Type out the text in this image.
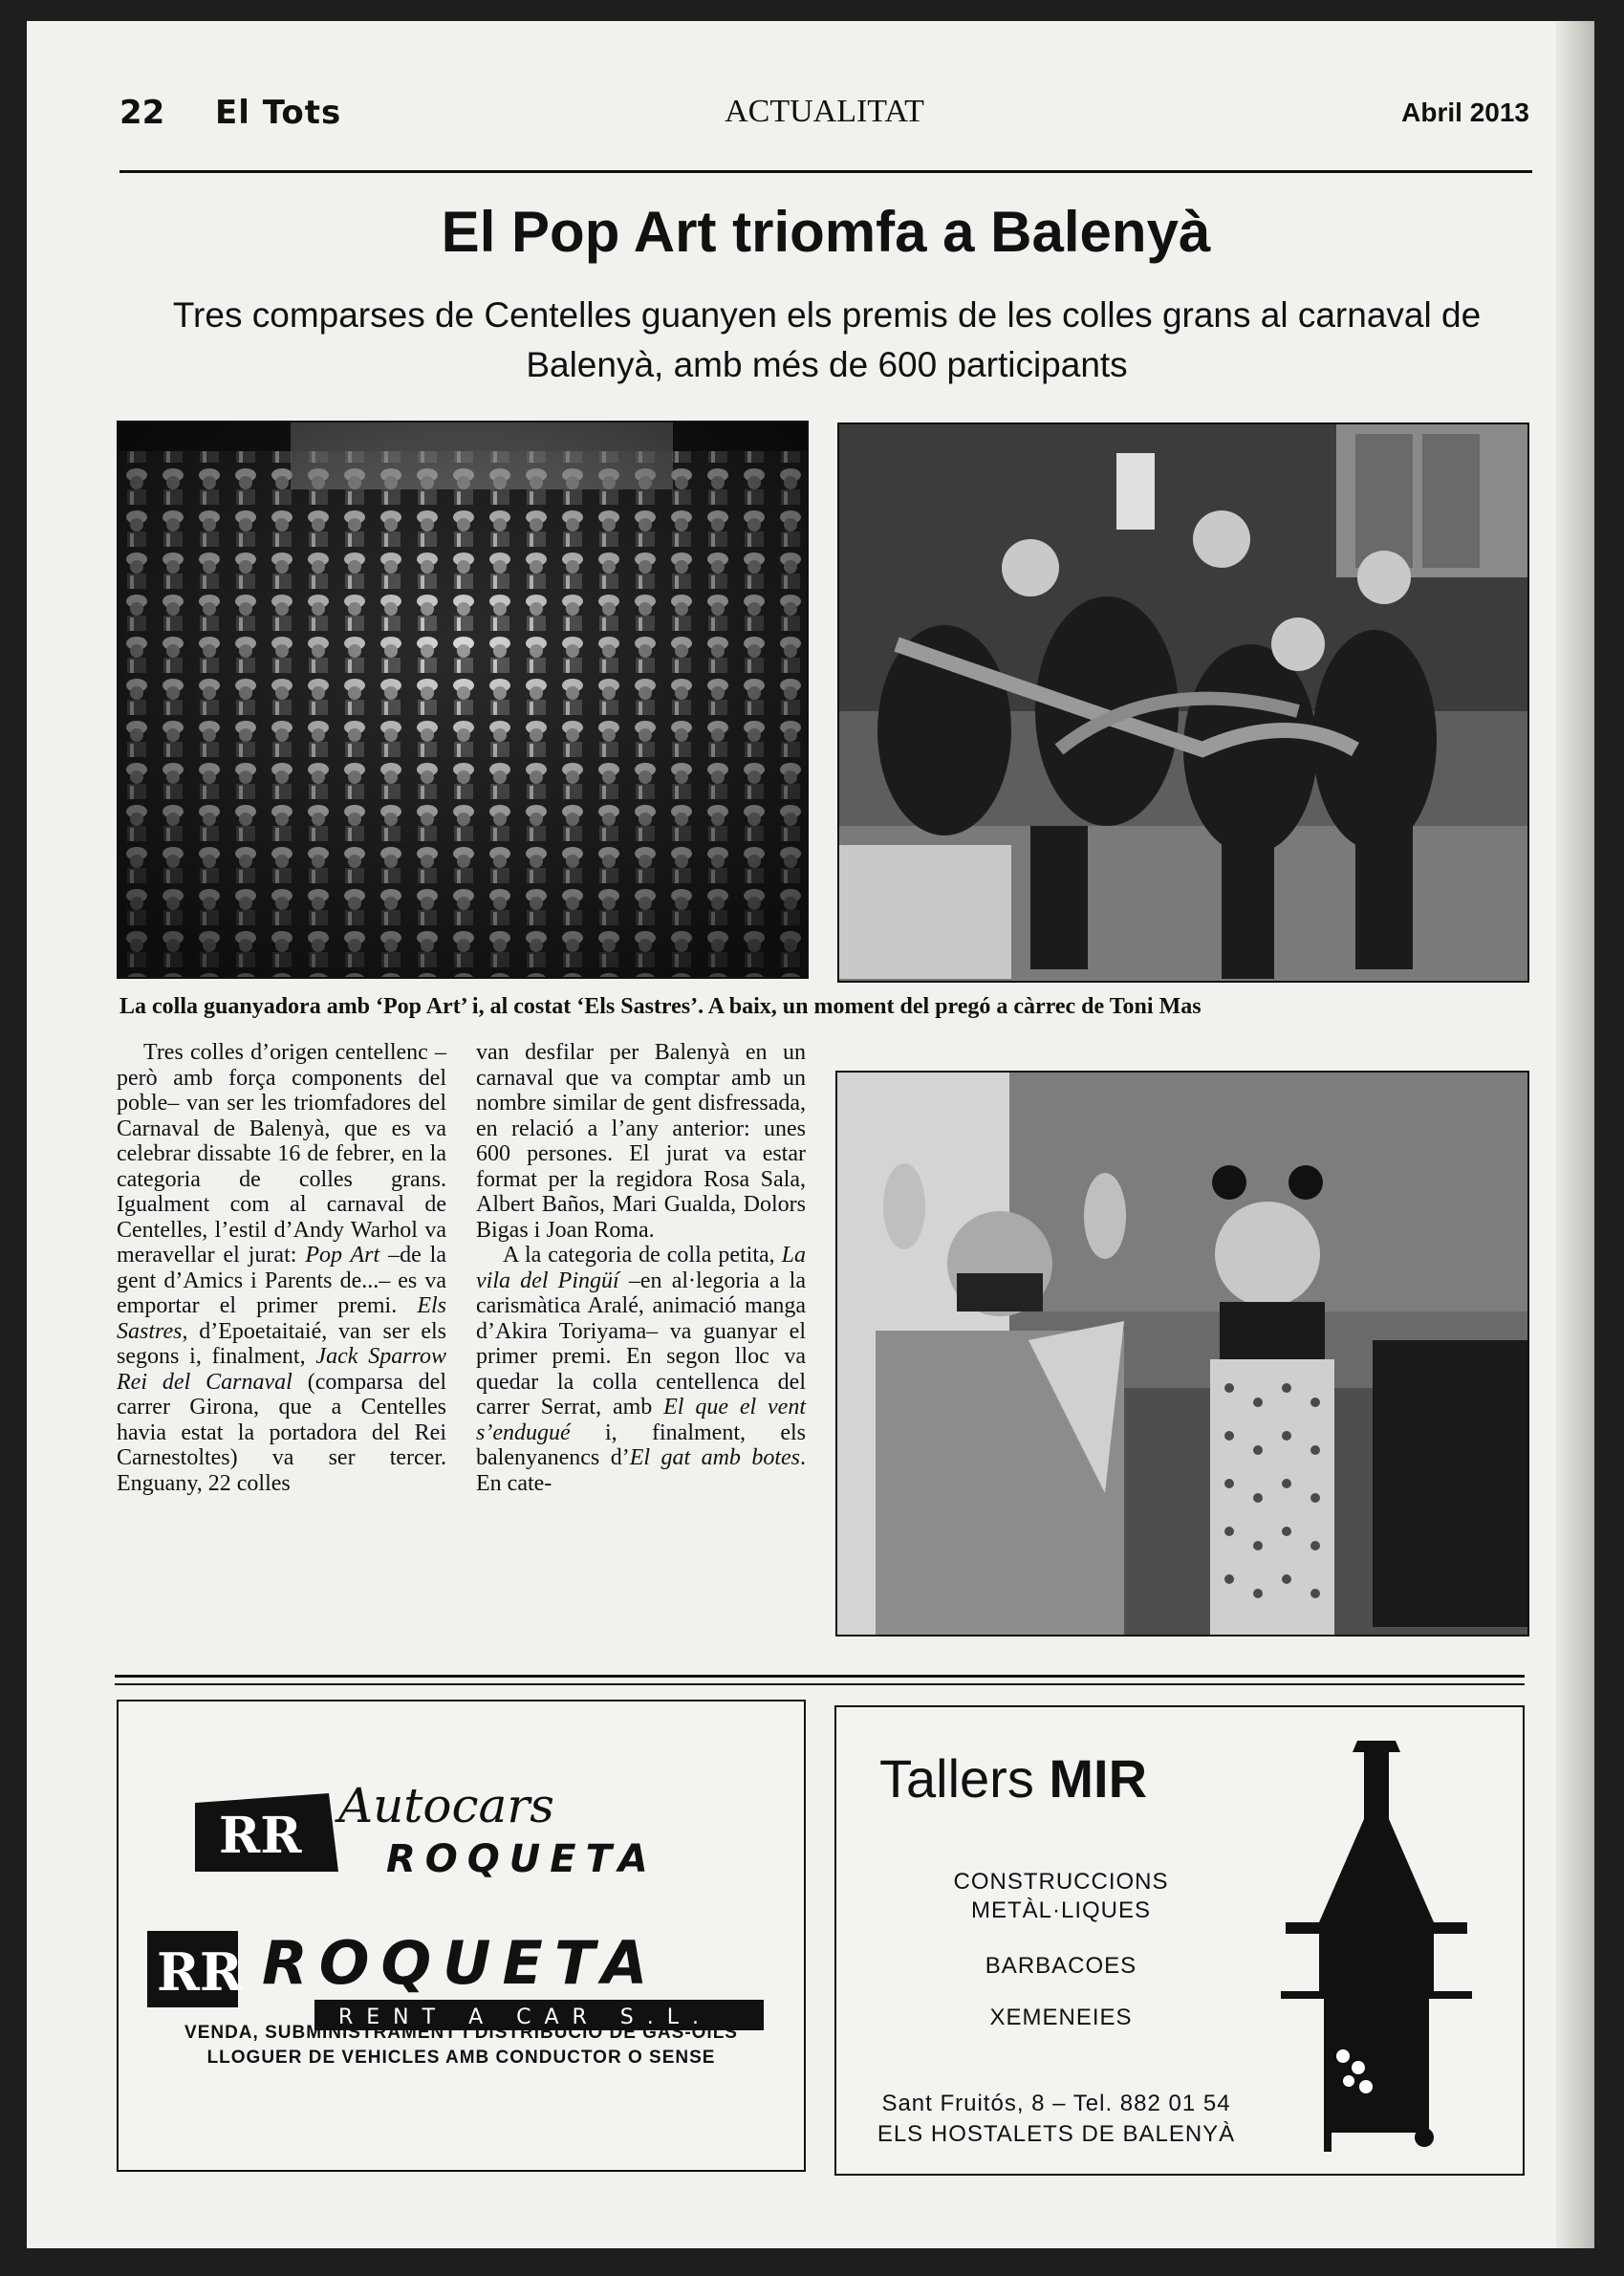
22 El Tots	ACTUALITAT	Abril 2013
El Pop Art triomfa a Balenyà

Tres comparses de Centelles guanyen els premis de les colles grans al carnaval de Balenyà, amb més de 600 participants

La colla guanyadora amb ‘Pop Art’ i, al costat ‘Els Sastres’. A baix, un moment del pregó a càrrec de Toni Mas

Tres colles d’origen centellenc –però amb força components del poble– van ser les triomfadores del Carnaval de Balenyà, que es va celebrar dissabte 16 de febrer, en la categoria de colles grans. Igualment com al carnaval de Centelles, l’estil d’Andy Warhol va meravellar el jurat: Pop Art –de la gent d’Amics i Parents de...– es va emportar el primer premi. Els Sastres, d’Epoetaitaié, van ser els segons i, finalment, Jack Sparrow Rei del Carnaval (comparsa del carrer Girona, que a Centelles havia estat la portadora del Rei Carnestoltes) va ser tercer. Enguany, 22 colles

van desfilar per Balenyà en un carnaval que va comptar amb un nombre similar de gent disfressada, en relació a l’any anterior: unes 600 persones. El jurat va estar format per la regidora Rosa Sala, Albert Baños, Mari Gualda, Dolors Bigas i Joan Roma.

A la categoria de colla petita, La vila del Pingüí –en al·legoria a la carismàtica Aralé, animació manga d’Akira Toriyama– va guanyar el primer premi. En segon lloc va quedar la colla centellenca del carrer Serrat, amb El que el vent s’endugué i, finalment, els balenyanencs d’El gat amb botes. En cate-

RR
Autocars
ROQUETA
RR ROQUETA
RENT A CAR S.L.
VENDA, SUBMINISTRAMENT I DISTRIBUCIÓ DE GAS-OILS
LLOGUER DE VEHICLES AMB CONDUCTOR O SENSE
Tallers MIR
CONSTRUCCIONS
METÀL·LIQUES
BARBACOES
XEMENEIES
Sant Fruitós, 8 – Tel. 882 01 54
ELS HOSTALETS DE BALENYÀ
